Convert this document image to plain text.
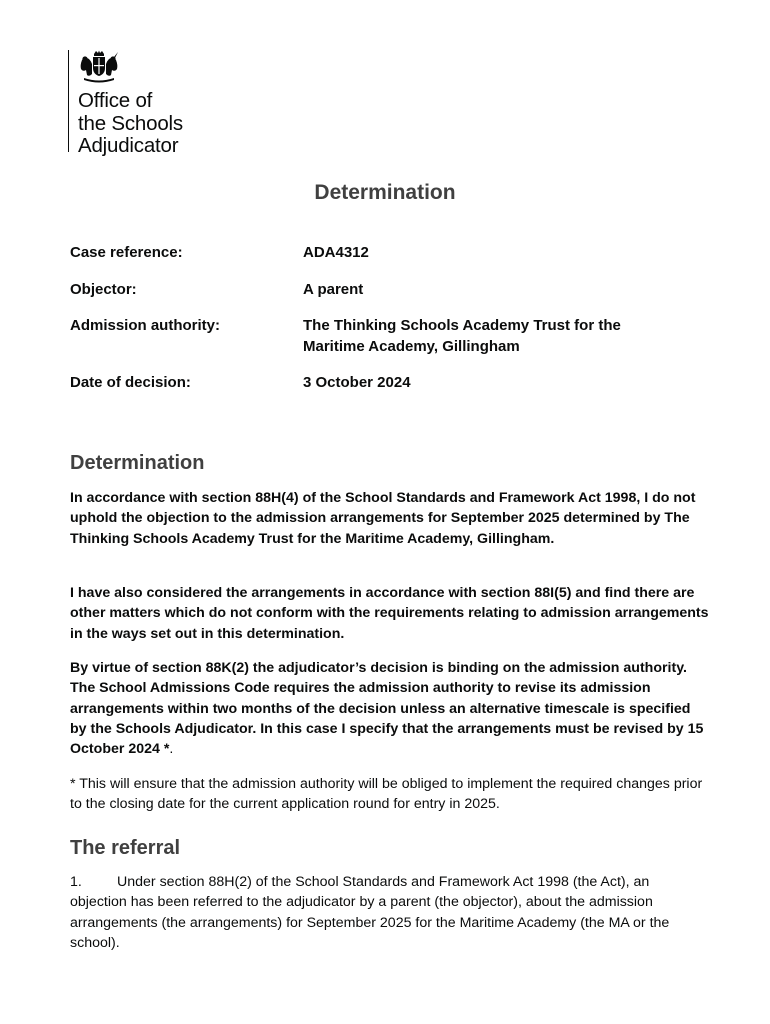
Office of
the Schools
Adjudicator
Determination
Case reference:	ADA4312
Objector:	A parent
Admission authority:	The Thinking Schools Academy Trust for the
Maritime Academy, Gillingham
Date of decision:	3 October 2024
Determination

In accordance with section 88H(4) of the School Standards and Framework Act 1998, I do not uphold the objection to the admission arrangements for September 2025 determined by The Thinking Schools Academy Trust for the Maritime Academy, Gillingham.

I have also considered the arrangements in accordance with section 88I(5) and find there are other matters which do not conform with the requirements relating to admission arrangements in the ways set out in this determination.

By virtue of section 88K(2) the adjudicator’s decision is binding on the admission authority. The School Admissions Code requires the admission authority to revise its admission arrangements within two months of the decision unless an alternative timescale is specified by the Schools Adjudicator. In this case I specify that the arrangements must be revised by 15 October 2024 *.

* This will ensure that the admission authority will be obliged to implement the required changes prior to the closing date for the current application round for entry in 2025.

The referral

1. Under section 88H(2) of the School Standards and Framework Act 1998 (the Act), an objection has been referred to the adjudicator by a parent (the objector), about the admission arrangements (the arrangements) for September 2025 for the Maritime Academy (the MA or the school).
